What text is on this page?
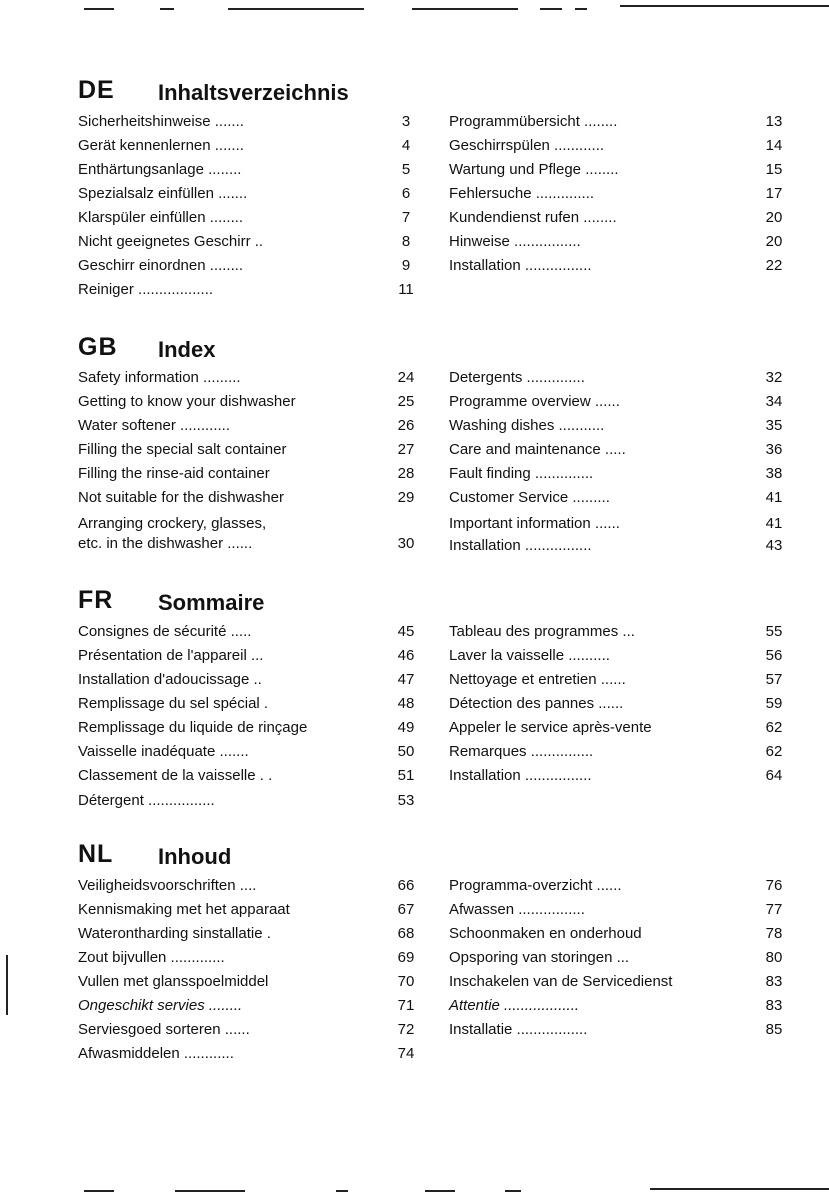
DE Inhaltsverzeichnis
Sicherheitshinweise .......	3
Gerät kennenlernen .......	4
Enthärtungsanlage ........	5
Spezialsalz einfüllen .......	6
Klarspüler einfüllen ........	7
Nicht geeignetes Geschirr ..	8
Geschirr einordnen ........	9
Reiniger ..................	11
Programmübersicht ........	13
Geschirrspülen ............	14
Wartung und Pflege ........	15
Fehlersuche ..............	17
Kundendienst rufen ........	20
Hinweise ................	20
Installation ................	22
GB Index
Safety information .........	24
Getting to know your dishwasher	25
Water softener ............	26
Filling the special salt container	27
Filling the rinse-aid container	28
Not suitable for the dishwasher	29
Arranging crockery, glasses,
etc. in the dishwasher ......	30
Detergents ..............	32
Programme overview ......	34
Washing dishes ...........	35
Care and maintenance .....	36
Fault finding ..............	38
Customer Service .........	41
Important information ......	41
Installation ................	43
FR Sommaire
Consignes de sécurité .....	45
Présentation de l'appareil ...	46
Installation d'adoucissage ..	47
Remplissage du sel spécial .	48
Remplissage du liquide de rinçage	49
Vaisselle inadéquate .......	50
Classement de la vaisselle . .	51
Détergent ................	53
Tableau des programmes ...	55
Laver la vaisselle ..........	56
Nettoyage et entretien ......	57
Détection des pannes ......	59
Appeler le service après-vente	62
Remarques ...............	62
Installation ................	64
NL Inhoud
Veiligheidsvoorschriften ....	66
Kennismaking met het apparaat	67
Waterontharding sinstallatie .	68
Zout bijvullen .............	69
Vullen met glansspoelmiddel	70
Ongeschikt servies ........	71
Serviesgoed sorteren ......	72
Afwasmiddelen ............	74
Programma-overzicht ......	76
Afwassen ................	77
Schoonmaken en onderhoud	78
Opsporing van storingen ...	80
Inschakelen van de Servicedienst	83
Attentie ..................	83
Installatie .................	85
